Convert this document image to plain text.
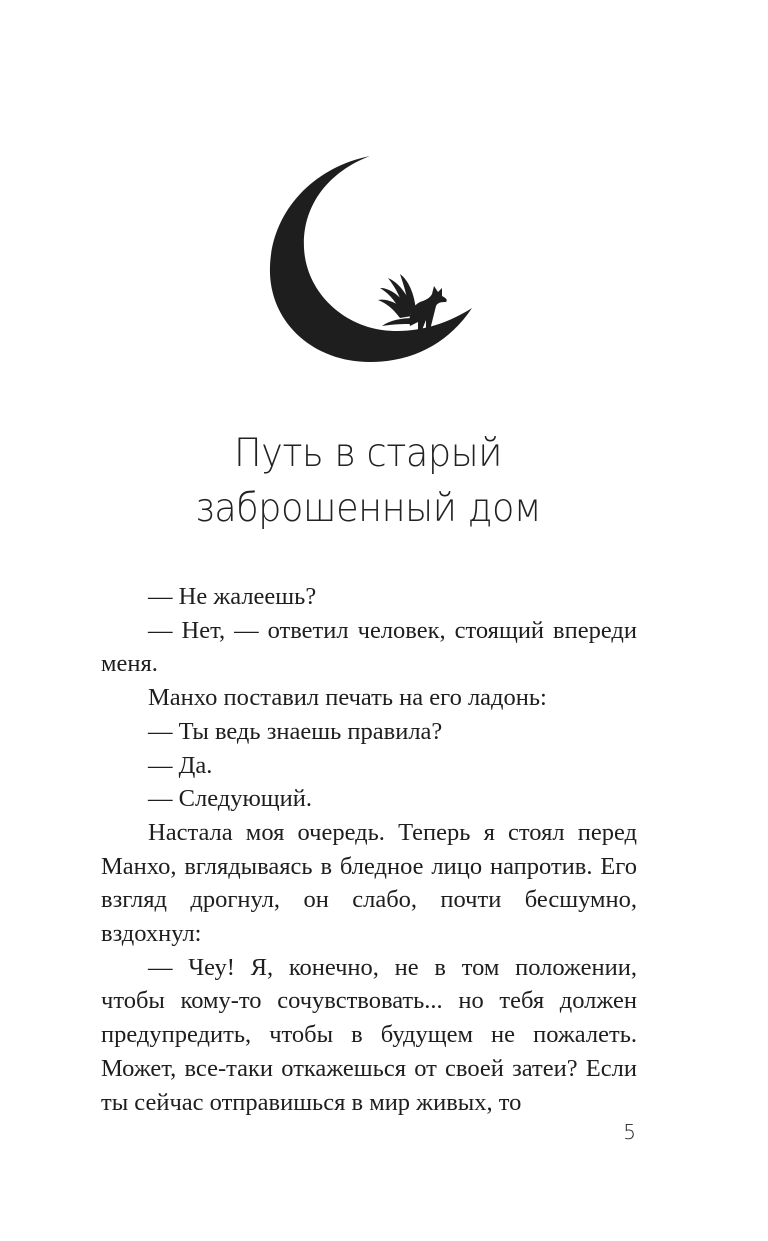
Путь в старый
заброшенный дом

— Не жалеешь?

— Нет, — ответил человек, стоящий впереди меня.

Манхо поставил печать на его ладонь:

— Ты ведь знаешь правила?

— Да.

— Следующий.

Настала моя очередь. Теперь я стоял перед Манхо, вглядываясь в бледное лицо напротив. Его взгляд дрогнул, он слабо, почти бесшумно, вздохнул:

— Чеу! Я, конечно, не в том положении, чтобы кому-то сочувствовать... но тебя должен предупредить, чтобы в будущем не пожалеть. Может, все-таки откажешься от своей затеи? Если ты сейчас отправишься в мир живых, то

5
